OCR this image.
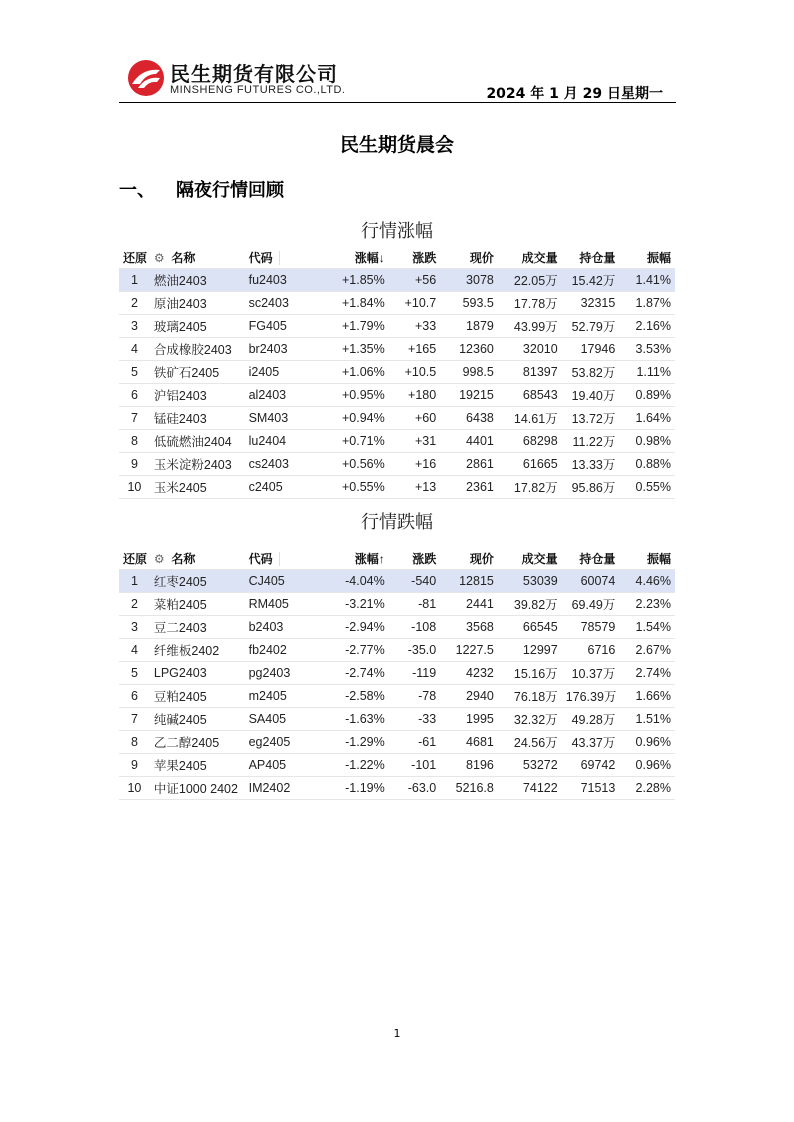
民生期货有限公司
MINSHENG FUTURES CO.,LTD.	2024 年 1 月 29 日星期一
民生期货晨会
一、 隔夜行情回顾
行情涨幅
还原	⚙ 名称	代码	涨幅↓	涨跌	现价	成交量	持仓量	振幅
1	燃油2403	fu2403	+1.85%	+56	3078	22.05万	15.42万	1.41%
2	原油2403	sc2403	+1.84%	+10.7	593.5	17.78万	32315	1.87%
3	玻璃2405	FG405	+1.79%	+33	1879	43.99万	52.79万	2.16%
4	合成橡胶2403	br2403	+1.35%	+165	12360	32010	17946	3.53%
5	铁矿石2405	i2405	+1.06%	+10.5	998.5	81397	53.82万	1.11%
6	沪铝2403	al2403	+0.95%	+180	19215	68543	19.40万	0.89%
7	锰硅2403	SM403	+0.94%	+60	6438	14.61万	13.72万	1.64%
8	低硫燃油2404	lu2404	+0.71%	+31	4401	68298	11.22万	0.98%
9	玉米淀粉2403	cs2403	+0.56%	+16	2861	61665	13.33万	0.88%
10	玉米2405	c2405	+0.55%	+13	2361	17.82万	95.86万	0.55%
行情跌幅
还原	⚙ 名称	代码	涨幅↑	涨跌	现价	成交量	持仓量	振幅
1	红枣2405	CJ405	-4.04%	-540	12815	53039	60074	4.46%
2	菜粕2405	RM405	-3.21%	-81	2441	39.82万	69.49万	2.23%
3	豆二2403	b2403	-2.94%	-108	3568	66545	78579	1.54%
4	纤维板2402	fb2402	-2.77%	-35.0	1227.5	12997	6716	2.67%
5	LPG2403	pg2403	-2.74%	-119	4232	15.16万	10.37万	2.74%
6	豆粕2405	m2405	-2.58%	-78	2940	76.18万	176.39万	1.66%
7	纯碱2405	SA405	-1.63%	-33	1995	32.32万	49.28万	1.51%
8	乙二醇2405	eg2405	-1.29%	-61	4681	24.56万	43.37万	0.96%
9	苹果2405	AP405	-1.22%	-101	8196	53272	69742	0.96%
10	中证1000 2402	IM2402	-1.19%	-63.0	5216.8	74122	71513	2.28%
1
